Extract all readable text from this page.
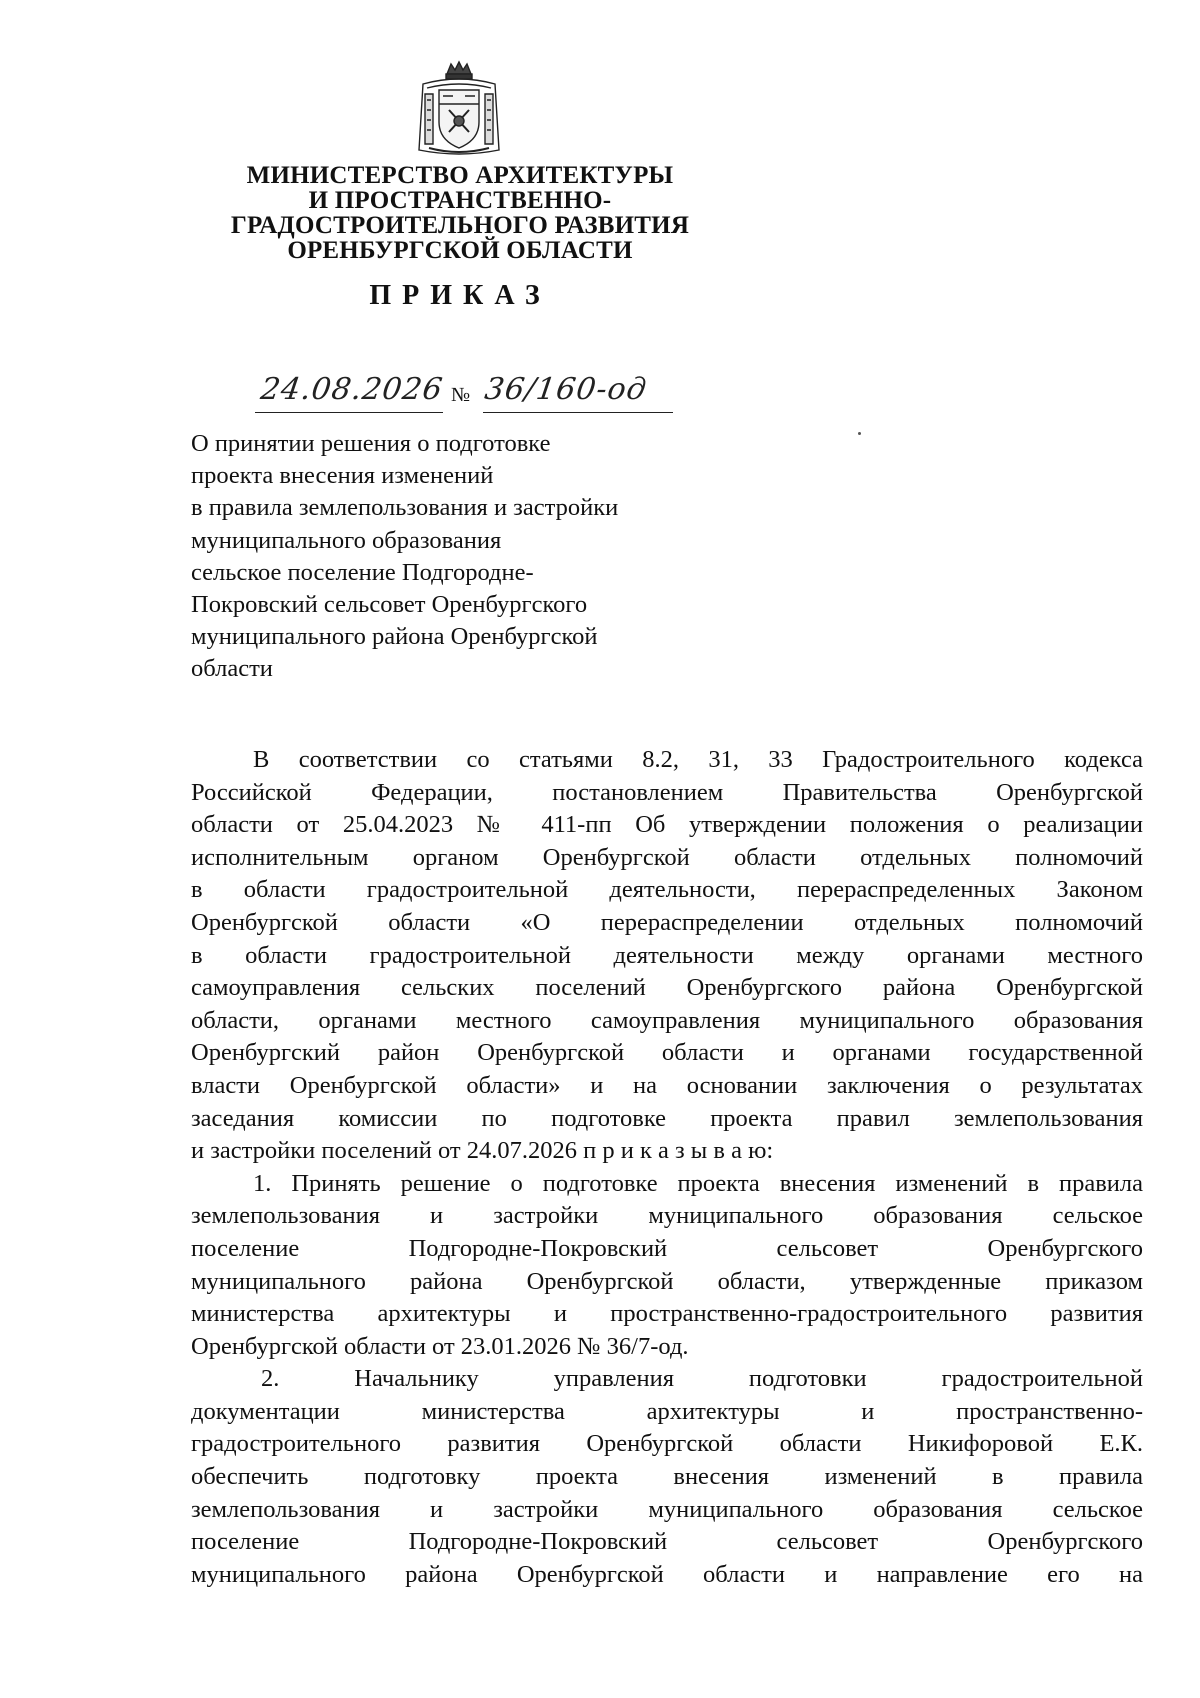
МИНИСТЕРСТВО АРХИТЕКТУРЫ
И ПРОСТРАНСТВЕННО-
ГРАДОСТРОИТЕЛЬНОГО РАЗВИТИЯ
ОРЕНБУРГСКОЙ ОБЛАСТИ
ПРИКАЗ
24.08.2026 № 36/160-од
О принятии решения о подготовке
проекта внесения изменений
в правила землепользования и застройки
муниципального образования
сельское поселение Подгородне-
Покровский сельсовет Оренбургского
муниципального района Оренбургской
области
В соответствии со статьями 8.2, 31, 33 Градостроительного кодекса
Российской Федерации, постановлением Правительства Оренбургской
области от 25.04.2023 № 411-пп Об утверждении положения о реализации
исполнительным органом Оренбургской области отдельных полномочий
в области градостроительной деятельности, перераспределенных Законом
Оренбургской области «О перераспределении отдельных полномочий
в области градостроительной деятельности между органами местного
самоуправления сельских поселений Оренбургского района Оренбургской
области, органами местного самоуправления муниципального образования
Оренбургский район Оренбургской области и органами государственной
власти Оренбургской области» и на основании заключения о результатах
заседания комиссии по подготовке проекта правил землепользования
и застройки поселений от 24.07.2026 п р и к а з ы в а ю:
1. Принять решение о подготовке проекта внесения изменений в правила
землепользования и застройки муниципального образования сельское
поселение Подгородне-Покровский сельсовет Оренбургского
муниципального района Оренбургской области, утвержденные приказом
министерства архитектуры и пространственно-градостроительного развития
Оренбургской области от 23.01.2026 № 36/7-од.
2. Начальнику управления подготовки градостроительной
документации министерства архитектуры и пространственно-
градостроительного развития Оренбургской области Никифоровой Е.К.
обеспечить подготовку проекта внесения изменений в правила
землепользования и застройки муниципального образования сельское
поселение Подгородне-Покровский сельсовет Оренбургского
муниципального района Оренбургской области и направление его на
